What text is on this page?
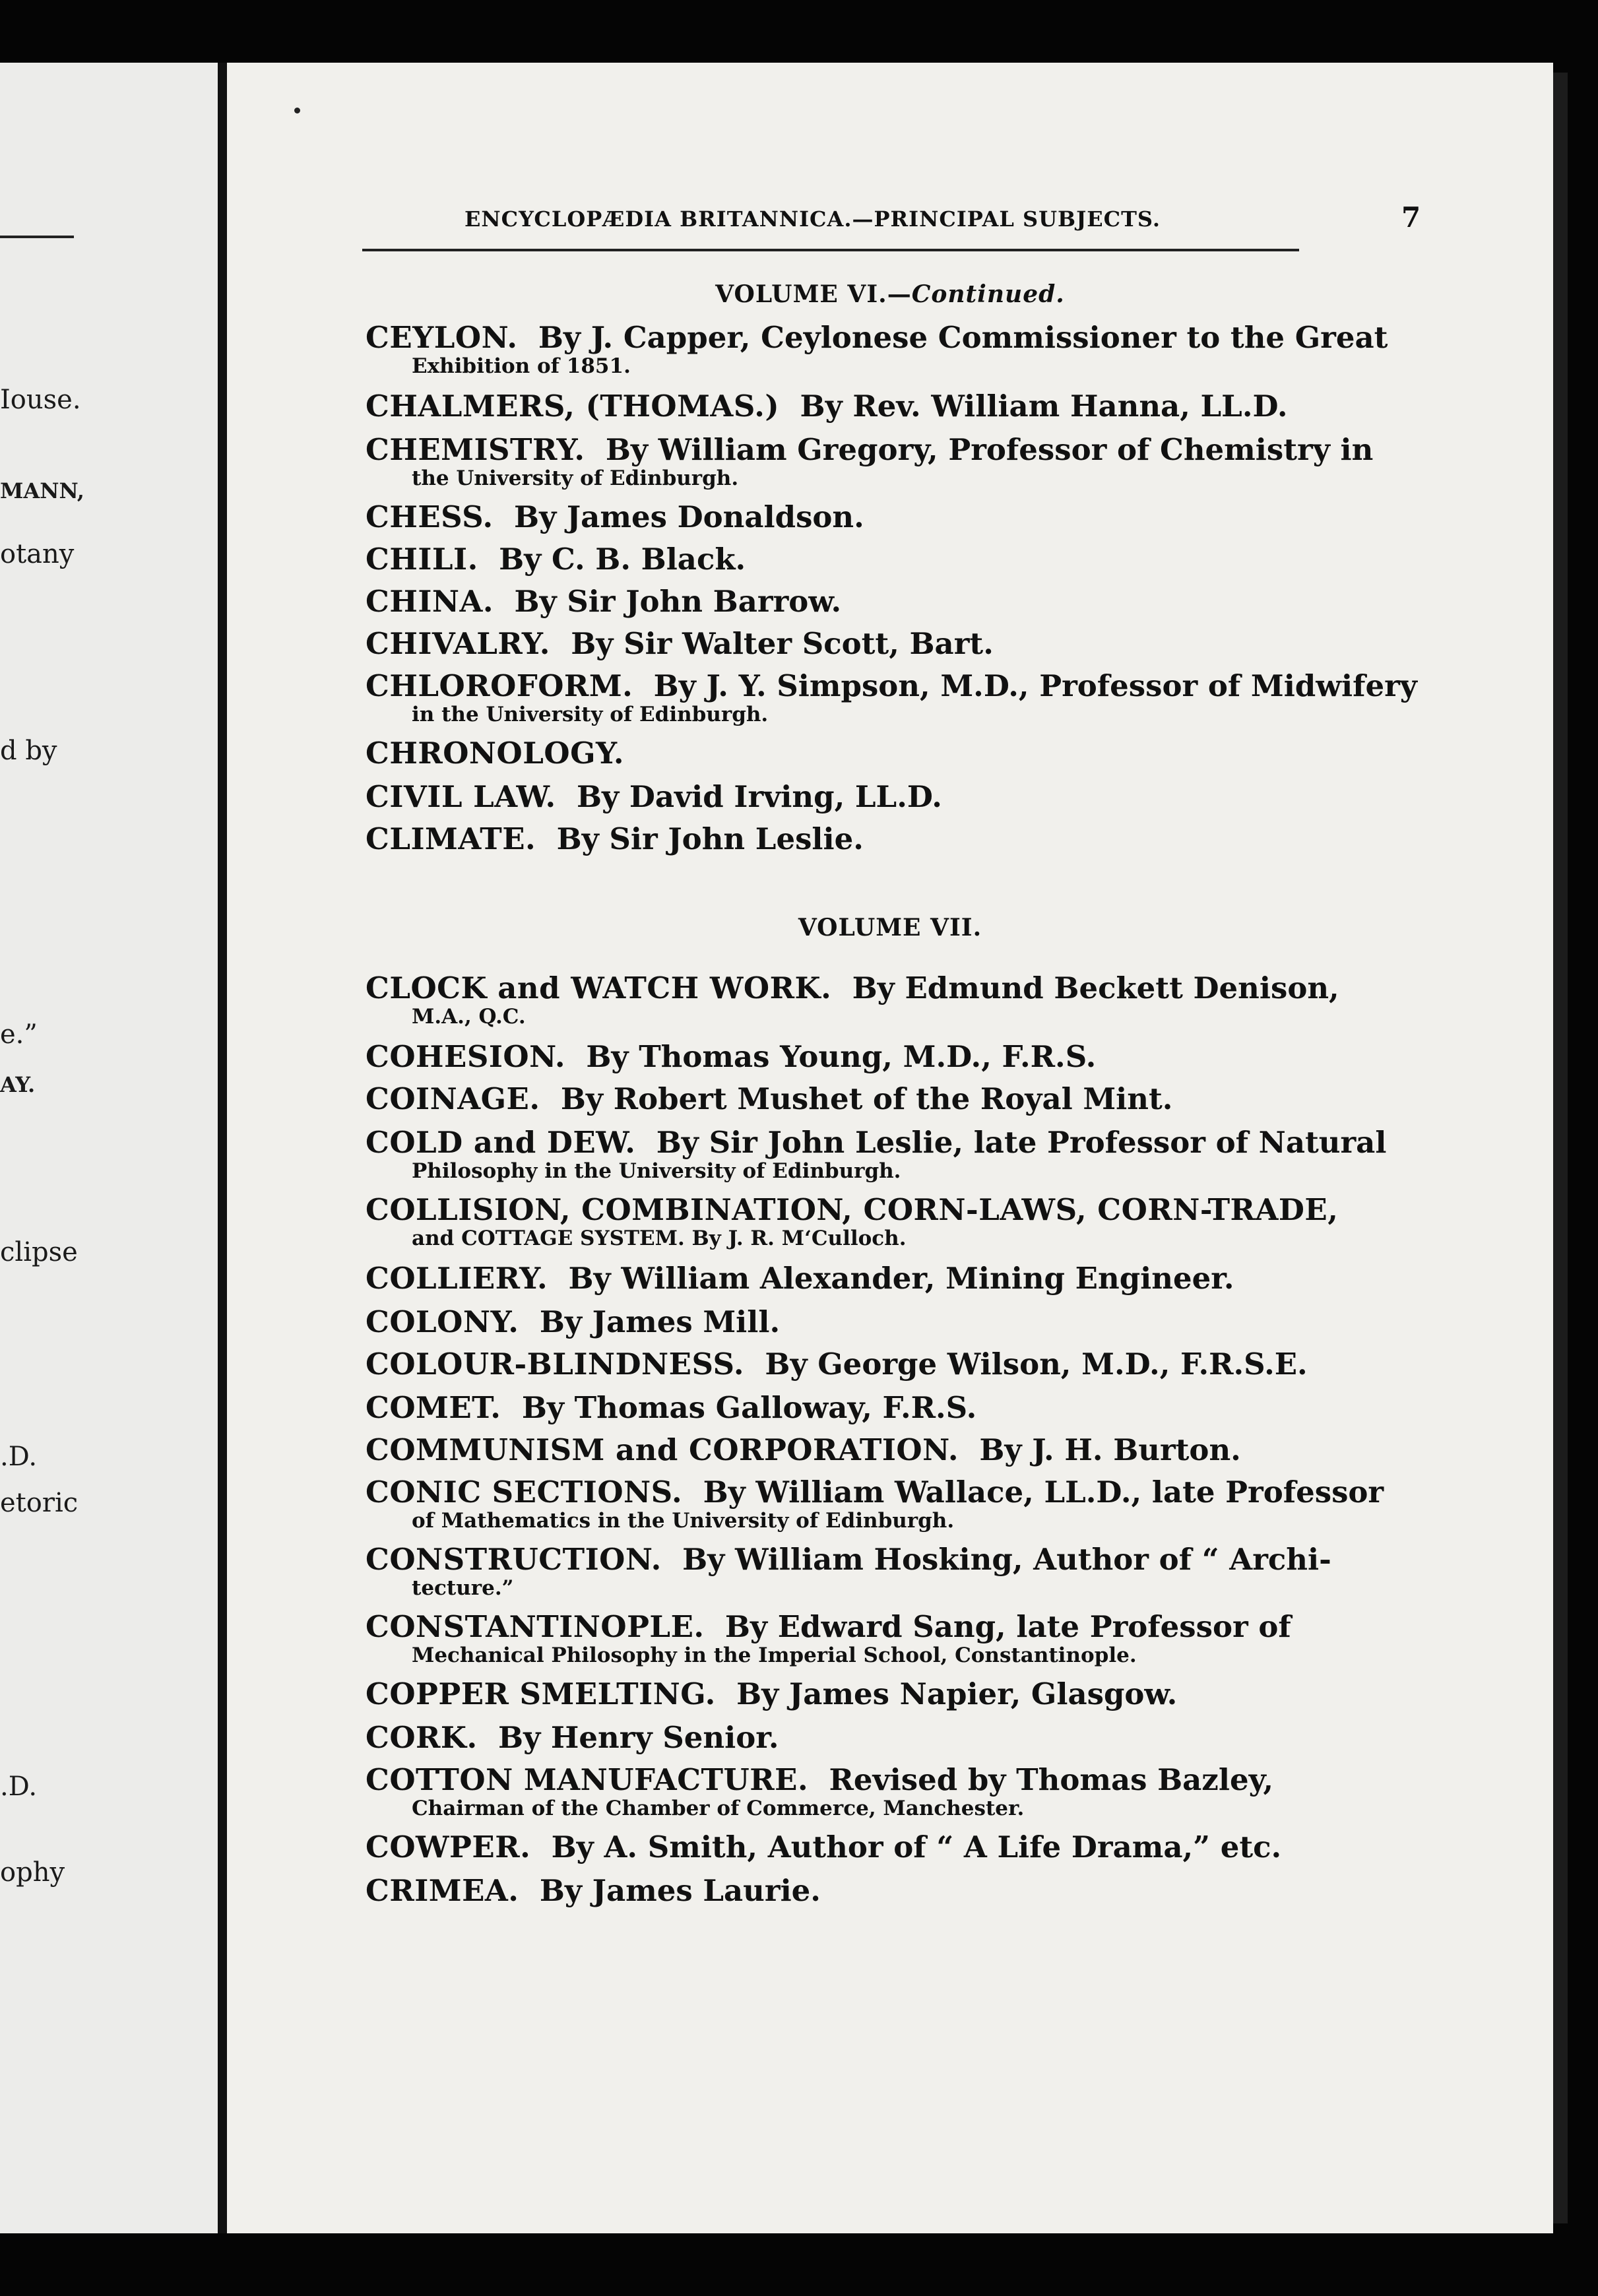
Iouse.
MANN,
otany
d by
e.”
AY.
clipse
.D.
etoric
.D.
ophy
ENCYCLOPÆDIA BRITANNICA.—PRINCIPAL SUBJECTS.	7
VOLUME VI.—Continued.
CEYLON. By J. Capper, Ceylonese Commissioner to the Great
Exhibition of 1851.
CHALMERS, (THOMAS.) By Rev. William Hanna, LL.D.
CHEMISTRY. By William Gregory, Professor of Chemistry in
the University of Edinburgh.
CHESS. By James Donaldson.
CHILI. By C. B. Black.
CHINA. By Sir John Barrow.
CHIVALRY. By Sir Walter Scott, Bart.
CHLOROFORM. By J. Y. Simpson, M.D., Professor of Midwifery
in the University of Edinburgh.
CHRONOLOGY.
CIVIL LAW. By David Irving, LL.D.
CLIMATE. By Sir John Leslie.
VOLUME VII.
CLOCK and WATCH WORK. By Edmund Beckett Denison,
M.A., Q.C.
COHESION. By Thomas Young, M.D., F.R.S.
COINAGE. By Robert Mushet of the Royal Mint.
COLD and DEW. By Sir John Leslie, late Professor of Natural
Philosophy in the University of Edinburgh.
COLLISION, COMBINATION, CORN-LAWS, CORN-TRADE,
and COTTAGE SYSTEM. By J. R. M‘Culloch.
COLLIERY. By William Alexander, Mining Engineer.
COLONY. By James Mill.
COLOUR-BLINDNESS. By George Wilson, M.D., F.R.S.E.
COMET. By Thomas Galloway, F.R.S.
COMMUNISM and CORPORATION. By J. H. Burton.
CONIC SECTIONS. By William Wallace, LL.D., late Professor
of Mathematics in the University of Edinburgh.
CONSTRUCTION. By William Hosking, Author of “ Archi-
tecture.”
CONSTANTINOPLE. By Edward Sang, late Professor of
Mechanical Philosophy in the Imperial School, Constantinople.
COPPER SMELTING. By James Napier, Glasgow.
CORK. By Henry Senior.
COTTON MANUFACTURE. Revised by Thomas Bazley,
Chairman of the Chamber of Commerce, Manchester.
COWPER. By A. Smith, Author of “ A Life Drama,” etc.
CRIMEA. By James Laurie.
